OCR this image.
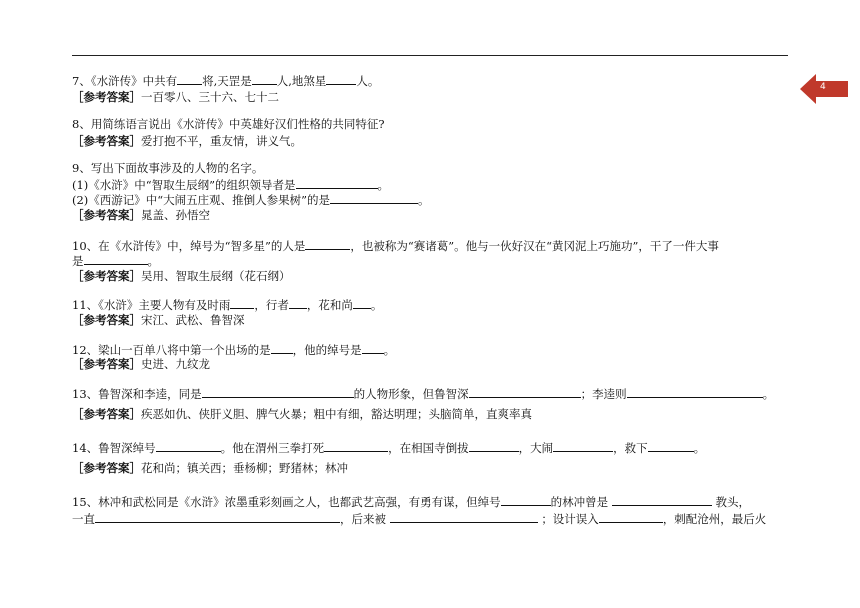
4
7、《水浒传》中共有 将,天罡是 人,地煞星	人。
［参考答案］一百零八、三十六、七十二
8、用简练语言说出《水浒传》中英雄好汉们性格的共同特征?
［参考答案］爱打抱不平，重友情，讲义气。
9、写出下面故事涉及的人物的名字。
(1)《水浒》中“智取生辰纲”的组织领导者是	。
(2)《西游记》中“大闹五庄观、推倒人参果树”的是	。
［参考答案］晁盖、孙悟空
10、在《水浒传》中，绰号为“智多星”的人是	，也被称为“赛诸葛”。他与一伙好汉在“黄冈泥上巧施功”，干了一件大事
是	。
［参考答案］吴用、智取生辰纲（花石纲）
11、《水浒》主要人物有及时雨 ，行者 ，花和尚 。
［参考答案］宋江、武松、鲁智深
12、梁山一百单八将中第一个出场的是 ，他的绰号是 。
［参考答案］史进、九纹龙
13、鲁智深和李逵，同是	的人物形象，但鲁智深	；李逵则	。
［参考答案］疾恶如仇、侠肝义胆、脾气火暴；粗中有细，豁达明理；头脑简单，直爽率真
14、鲁智深绰号	。他在渭州三拳打死	，在相国寺倒拔	，大闹	，救下	。
［参考答案］花和尚；镇关西；垂杨柳；野猪林；林冲
15、林冲和武松同是《水浒》浓墨重彩刻画之人，也都武艺高强，有勇有谋，但绰号	的林冲曾是	教头，
一直	，后来被	；设计误入	，刺配沧州，最后火
